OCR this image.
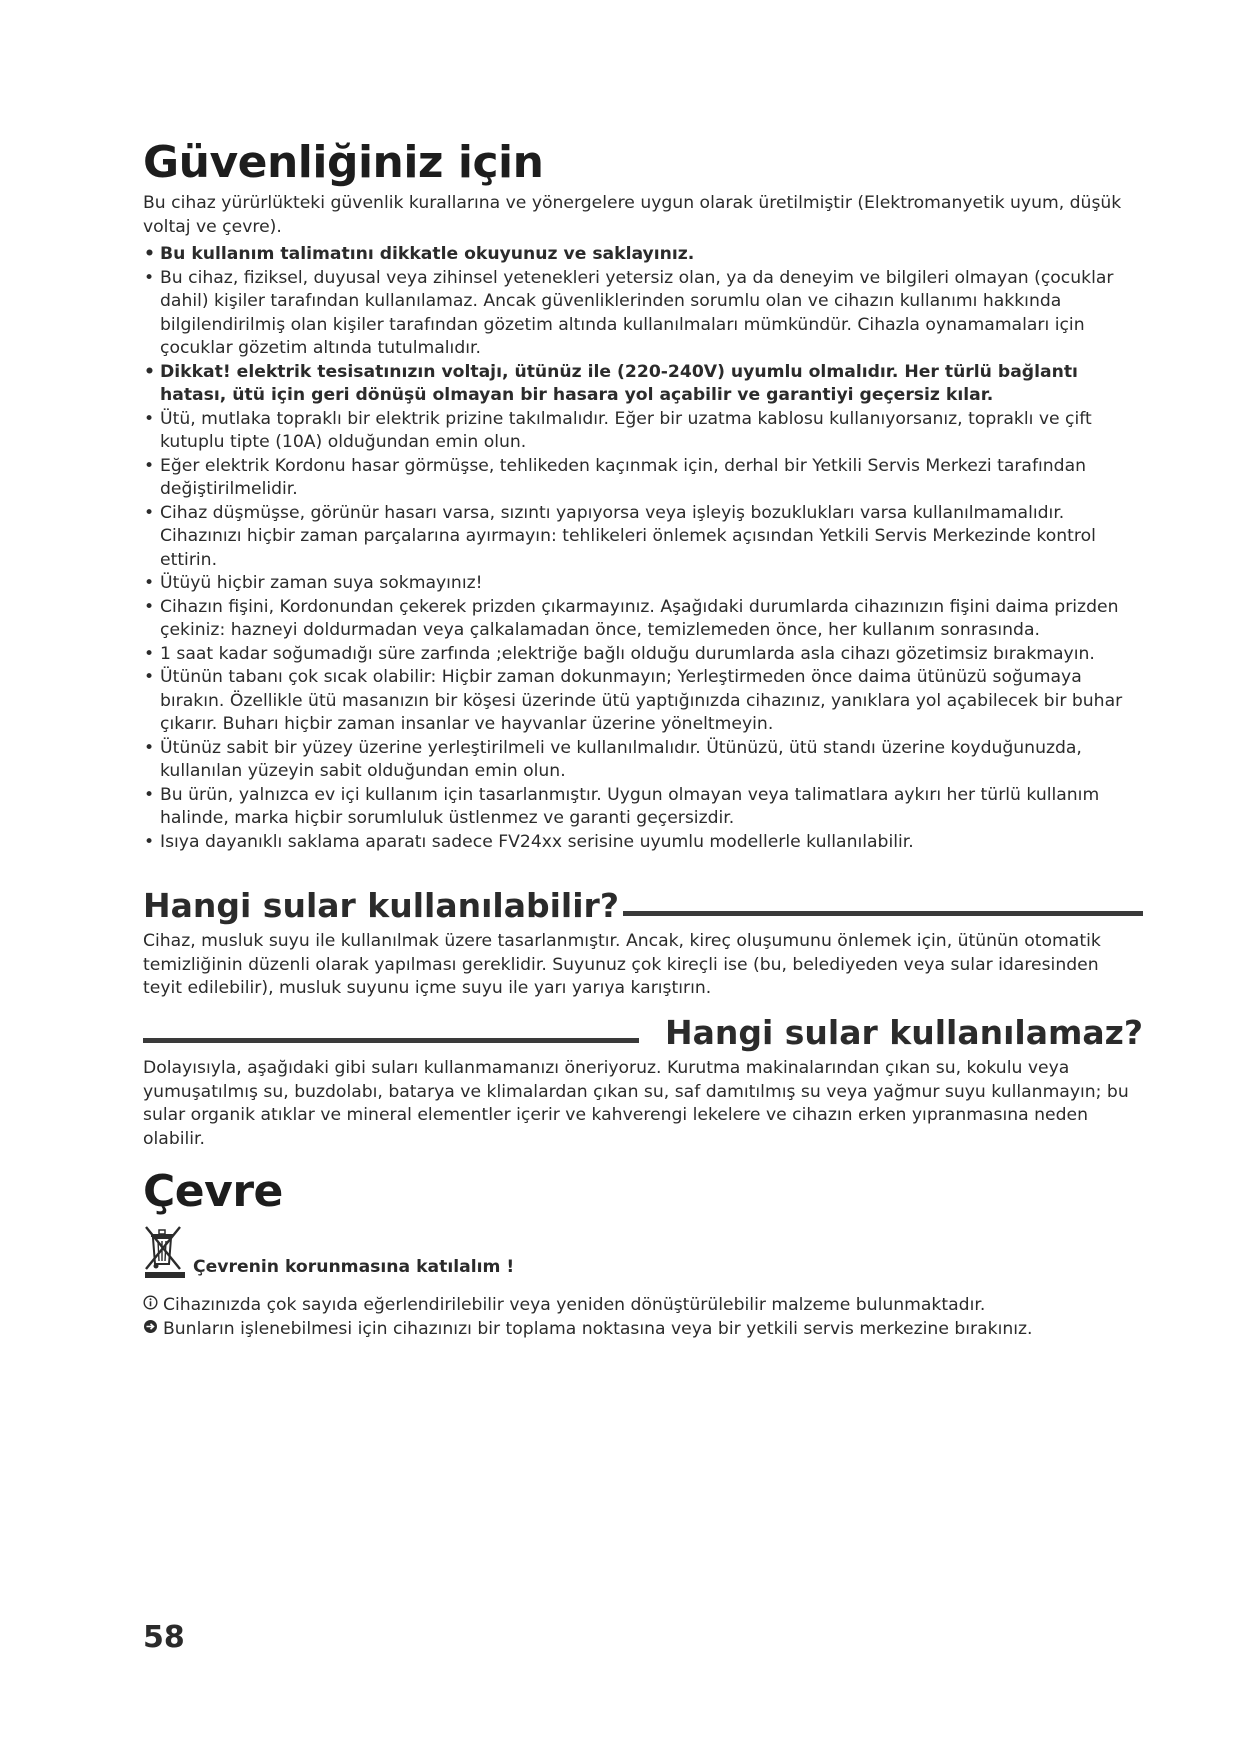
Güvenliğiniz için

Bu cihaz yürürlükteki güvenlik kurallarına ve yönergelere uygun olarak üretilmiştir (Elektromanyetik uyum, düşük voltaj ve çevre).

• Bu kullanım talimatını dikkatle okuyunuz ve saklayınız.
• Bu cihaz, fiziksel, duyusal veya zihinsel yetenekleri yetersiz olan, ya da deneyim ve bilgileri olmayan (çocuklar dahil) kişiler tarafından kullanılamaz. Ancak güvenliklerinden sorumlu olan ve cihazın kullanımı hakkında bilgilendirilmiş olan kişiler tarafından gözetim altında kullanılmaları mümkündür. Cihazla oynamamaları için çocuklar gözetim altında tutulmalıdır.
• Dikkat! elektrik tesisatınızın voltajı, ütünüz ile (220-240V) uyumlu olmalıdır. Her türlü bağlantı hatası, ütü için geri dönüşü olmayan bir hasara yol açabilir ve garantiyi geçersiz kılar.
• Ütü, mutlaka topraklı bir elektrik prizine takılmalıdır. Eğer bir uzatma kablosu kullanıyorsanız, topraklı ve çift kutuplu tipte (10A) olduğundan emin olun.
• Eğer elektrik Kordonu hasar görmüşse, tehlikeden kaçınmak için, derhal bir Yetkili Servis Merkezi tarafından değiştirilmelidir.
• Cihaz düşmüşse, görünür hasarı varsa, sızıntı yapıyorsa veya işleyiş bozuklukları varsa kullanılmamalıdır. Cihazınızı hiçbir zaman parçalarına ayırmayın: tehlikeleri önlemek açısından Yetkili Servis Merkezinde kontrol ettirin.
• Ütüyü hiçbir zaman suya sokmayınız!
• Cihazın fişini, Kordonundan çekerek prizden çıkarmayınız. Aşağıdaki durumlarda cihazınızın fişini daima prizden çekiniz: hazneyi doldurmadan veya çalkalamadan önce, temizlemeden önce, her kullanım sonrasında.
• 1 saat kadar soğumadığı süre zarfında ;elektriğe bağlı olduğu durumlarda asla cihazı gözetimsiz bırakmayın.
• Ütünün tabanı çok sıcak olabilir: Hiçbir zaman dokunmayın; Yerleştirmeden önce daima ütünüzü soğumaya bırakın. Özellikle ütü masanızın bir köşesi üzerinde ütü yaptığınızda cihazınız, yanıklara yol açabilecek bir buhar çıkarır. Buharı hiçbir zaman insanlar ve hayvanlar üzerine yöneltmeyin.
• Ütünüz sabit bir yüzey üzerine yerleştirilmeli ve kullanılmalıdır. Ütünüzü, ütü standı üzerine koyduğunuzda, kullanılan yüzeyin sabit olduğundan emin olun.
• Bu ürün, yalnızca ev içi kullanım için tasarlanmıştır. Uygun olmayan veya talimatlara aykırı her türlü kullanım halinde, marka hiçbir sorumluluk üstlenmez ve garanti geçersizdir.
• Isıya dayanıklı saklama aparatı sadece FV24xx serisine uyumlu modellerle kullanılabilir.
Hangi sular kullanılabilir?

Cihaz, musluk suyu ile kullanılmak üzere tasarlanmıştır. Ancak, kireç oluşumunu önlemek için, ütünün otomatik temizliğinin düzenli olarak yapılması gereklidir. Suyunuz çok kireçli ise (bu, belediyeden veya sular idaresinden teyit edilebilir), musluk suyunu içme suyu ile yarı yarıya karıştırın.

Hangi sular kullanılamaz?

Dolayısıyla, aşağıdaki gibi suları kullanmamanızı öneriyoruz. Kurutma makinalarından çıkan su, kokulu veya yumuşatılmış su, buzdolabı, batarya ve klimalardan çıkan su, saf damıtılmış su veya yağmur suyu kullanmayın; bu sular organik atıklar ve mineral elementler içerir ve kahverengi lekelere ve cihazın erken yıpranmasına neden olabilir.

Çevre
Çevrenin korunmasına katılalım !

Cihazınızda çok sayıda eğerlendirilebilir veya yeniden dönüştürülebilir malzeme bulunmaktadır.

Bunların işlenebilmesi için cihazınızı bir toplama noktasına veya bir yetkili servis merkezine bırakınız.

58
